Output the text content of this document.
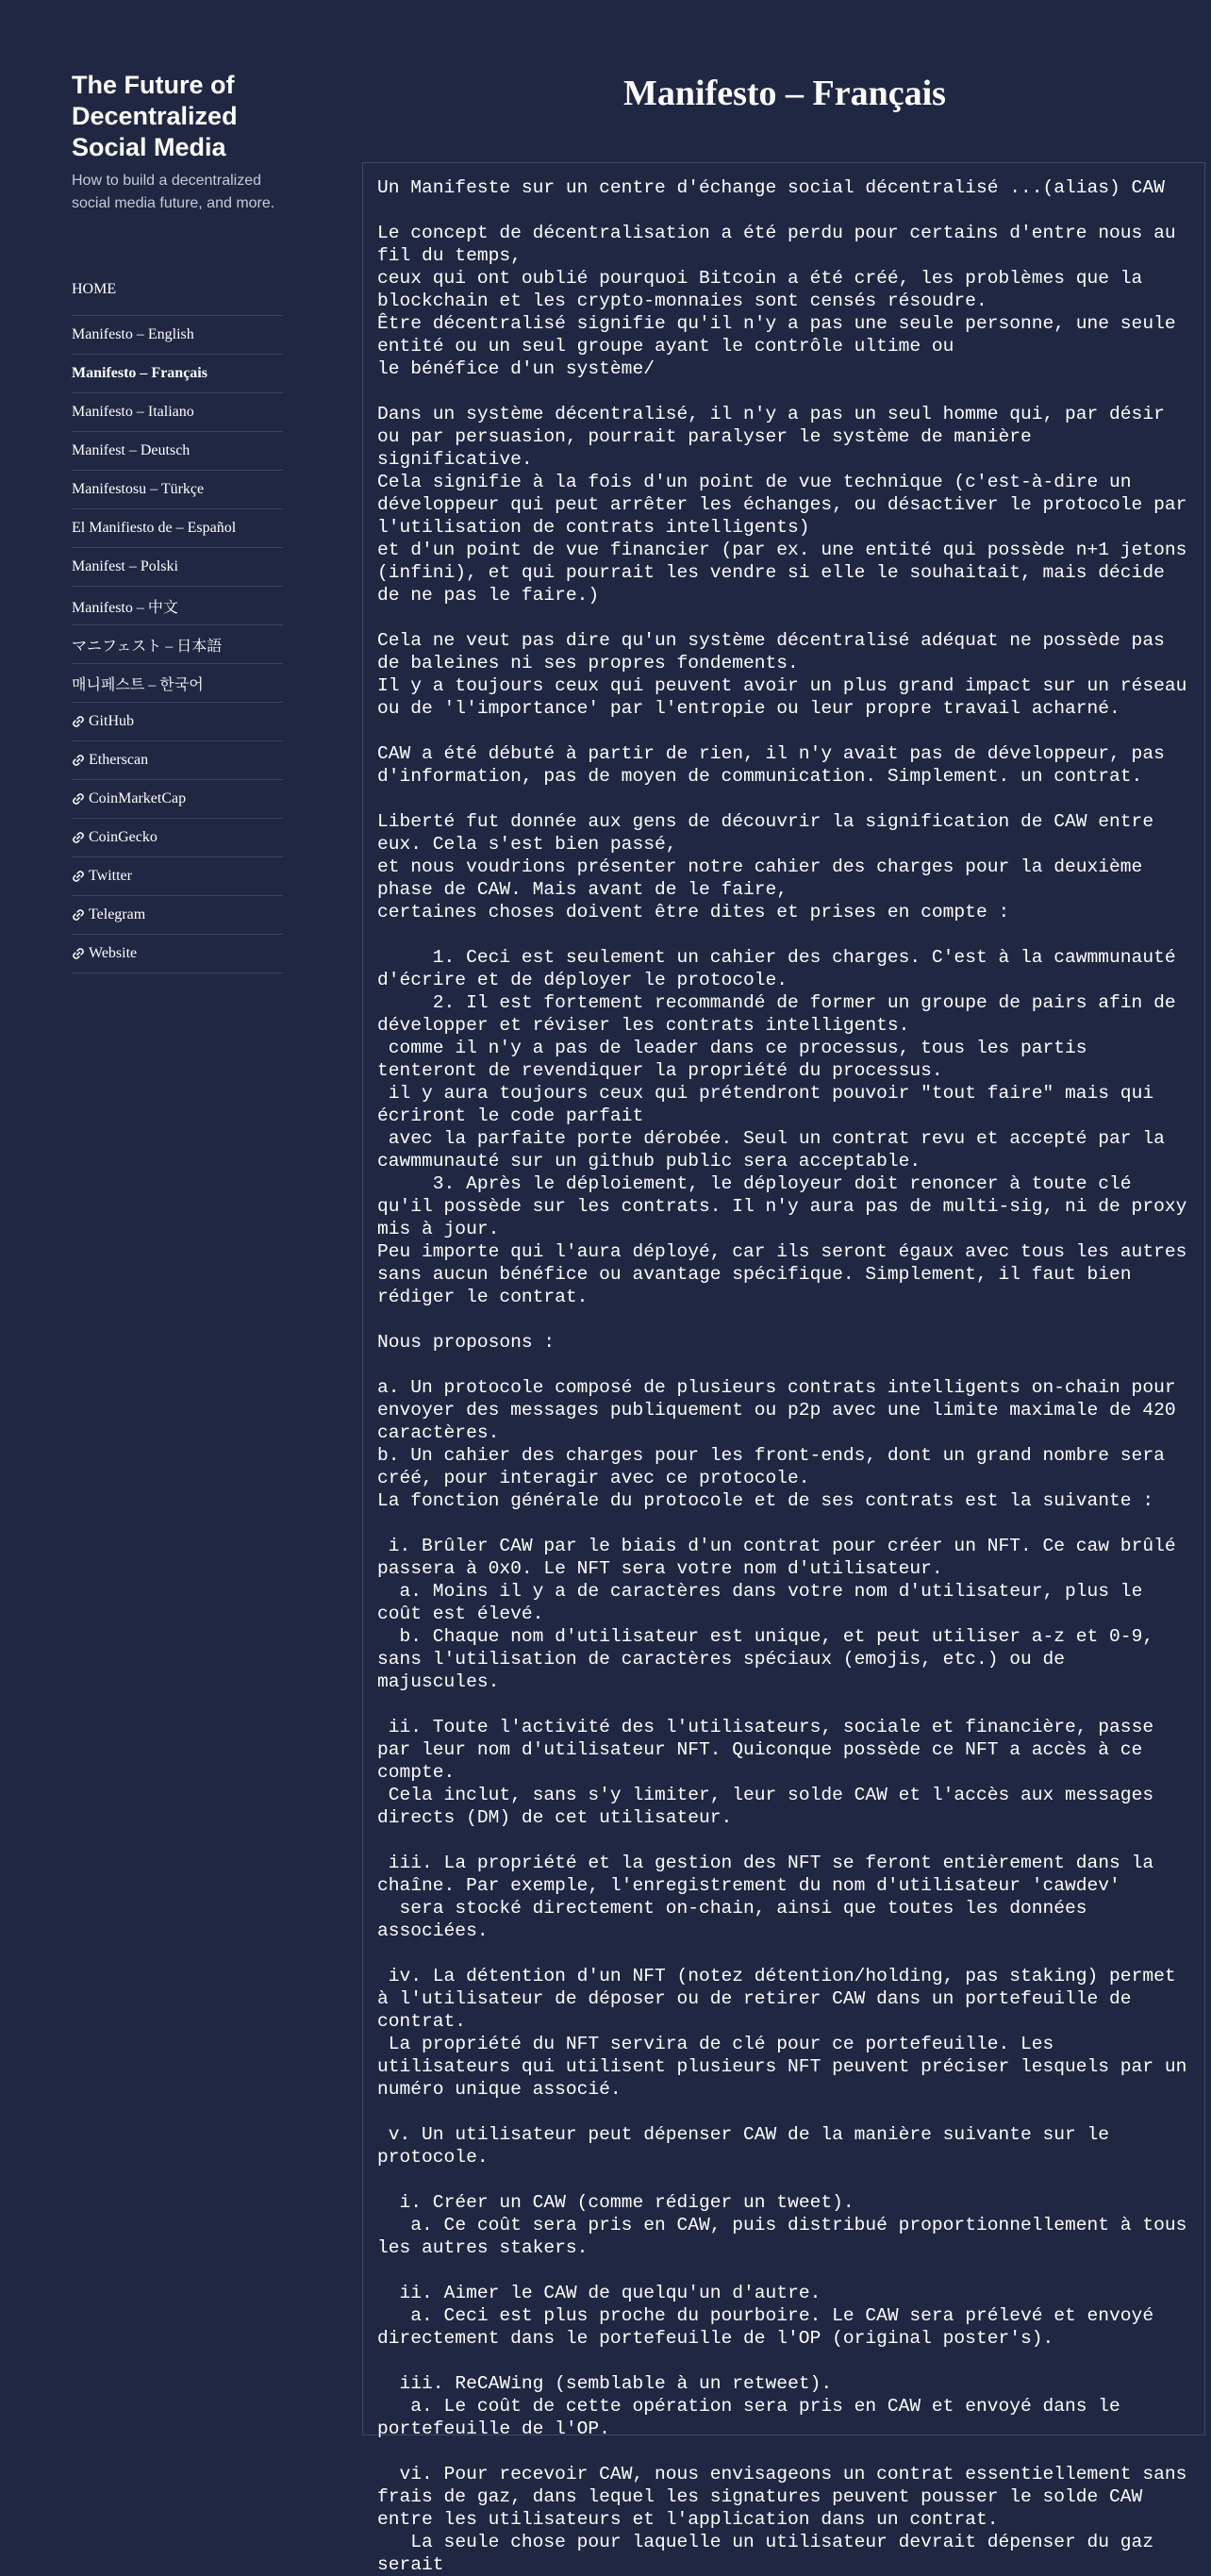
The Future of Decentralized Social Media

How to build a decentralized social media future, and more.

HOME
Manifesto – English
Manifesto – Français
Manifesto – Italiano
Manifest – Deutsch
Manifestosu – Türkçe
El Manifiesto de – Español
Manifest – Polski
Manifesto – 中文
マニフェスト – 日本語
매니페스트 – 한국어
GitHub
Etherscan
CoinMarketCap
CoinGecko
Twitter
Telegram
Website
Manifesto – Français
Un Manifeste sur un centre d'échange social décentralisé ...(alias) CAW

Le concept de décentralisation a été perdu pour certains d'entre nous au fil du temps,
ceux qui ont oublié pourquoi Bitcoin a été créé, les problèmes que la blockchain et les crypto-monnaies sont censés résoudre.
Être décentralisé signifie qu'il n'y a pas une seule personne, une seule entité ou un seul groupe ayant le contrôle ultime ou
le bénéfice d'un système/

Dans un système décentralisé, il n'y a pas un seul homme qui, par désir ou par persuasion, pourrait paralyser le système de manière significative.
Cela signifie à la fois d'un point de vue technique (c'est-à-dire un développeur qui peut arrêter les échanges, ou désactiver le protocole par l'utilisation de contrats intelligents)
et d'un point de vue financier (par ex. une entité qui possède n+1 jetons (infini), et qui pourrait les vendre si elle le souhaitait, mais décide de ne pas le faire.)

Cela ne veut pas dire qu'un système décentralisé adéquat ne possède pas de baleines ni ses propres fondements.
Il y a toujours ceux qui peuvent avoir un plus grand impact sur un réseau ou de 'l'importance' par l'entropie ou leur propre travail acharné.

CAW a été débuté à partir de rien, il n'y avait pas de développeur, pas d'information, pas de moyen de communication. Simplement. un contrat.

Liberté fut donnée aux gens de découvrir la signification de CAW entre eux. Cela s'est bien passé,
et nous voudrions présenter notre cahier des charges pour la deuxième phase de CAW. Mais avant de le faire,
certaines choses doivent être dites et prises en compte :

1. Ceci est seulement un cahier des charges. C'est à la cawmmunauté d'écrire et de déployer le protocole.
2. Il est fortement recommandé de former un groupe de pairs afin de développer et réviser les contrats intelligents.
comme il n'y a pas de leader dans ce processus, tous les partis tenteront de revendiquer la propriété du processus.
il y aura toujours ceux qui prétendront pouvoir "tout faire" mais qui écriront le code parfait
avec la parfaite porte dérobée. Seul un contrat revu et accepté par la cawmmunauté sur un github public sera acceptable.
3. Après le déploiement, le déployeur doit renoncer à toute clé qu'il possède sur les contrats. Il n'y aura pas de multi-sig, ni de proxy mis à jour.
Peu importe qui l'aura déployé, car ils seront égaux avec tous les autres sans aucun bénéfice ou avantage spécifique. Simplement, il faut bien rédiger le contrat.

Nous proposons :

a. Un protocole composé de plusieurs contrats intelligents on-chain pour envoyer des messages publiquement ou p2p avec une limite maximale de 420 caractères.
b. Un cahier des charges pour les front-ends, dont un grand nombre sera créé, pour interagir avec ce protocole.
La fonction générale du protocole et de ses contrats est la suivante :

i. Brûler CAW par le biais d'un contrat pour créer un NFT. Ce caw brûlé passera à 0x0. Le NFT sera votre nom d'utilisateur.
a. Moins il y a de caractères dans votre nom d'utilisateur, plus le coût est élevé.
b. Chaque nom d'utilisateur est unique, et peut utiliser a-z et 0-9, sans l'utilisation de caractères spéciaux (emojis, etc.) ou de majuscules.

ii. Toute l'activité des l'utilisateurs, sociale et financière, passe par leur nom d'utilisateur NFT. Quiconque possède ce NFT a accès à ce compte.
Cela inclut, sans s'y limiter, leur solde CAW et l'accès aux messages directs (DM) de cet utilisateur.

iii. La propriété et la gestion des NFT se feront entièrement dans la chaîne. Par exemple, l'enregistrement du nom d'utilisateur 'cawdev'
sera stocké directement on-chain, ainsi que toutes les données associées.

iv. La détention d'un NFT (notez détention/holding, pas staking) permet à l'utilisateur de déposer ou de retirer CAW dans un portefeuille de contrat.
La propriété du NFT servira de clé pour ce portefeuille. Les utilisateurs qui utilisent plusieurs NFT peuvent préciser lesquels par un numéro unique associé.

v. Un utilisateur peut dépenser CAW de la manière suivante sur le protocole.

i. Créer un CAW (comme rédiger un tweet).
a. Ce coût sera pris en CAW, puis distribué proportionnellement à tous les autres stakers.

ii. Aimer le CAW de quelqu'un d'autre.
a. Ceci est plus proche du pourboire. Le CAW sera prélevé et envoyé directement dans le portefeuille de l'OP (original poster's).

iii. ReCAWing (semblable à un retweet).
a. Le coût de cette opération sera pris en CAW et envoyé dans le portefeuille de l'OP.

vi. Pour recevoir CAW, nous envisageons un contrat essentiellement sans frais de gaz, dans lequel les signatures peuvent pousser le solde CAW entre les utilisateurs et l'application dans un contrat.
La seule chose pour laquelle un utilisateur devrait dépenser du gaz serait
